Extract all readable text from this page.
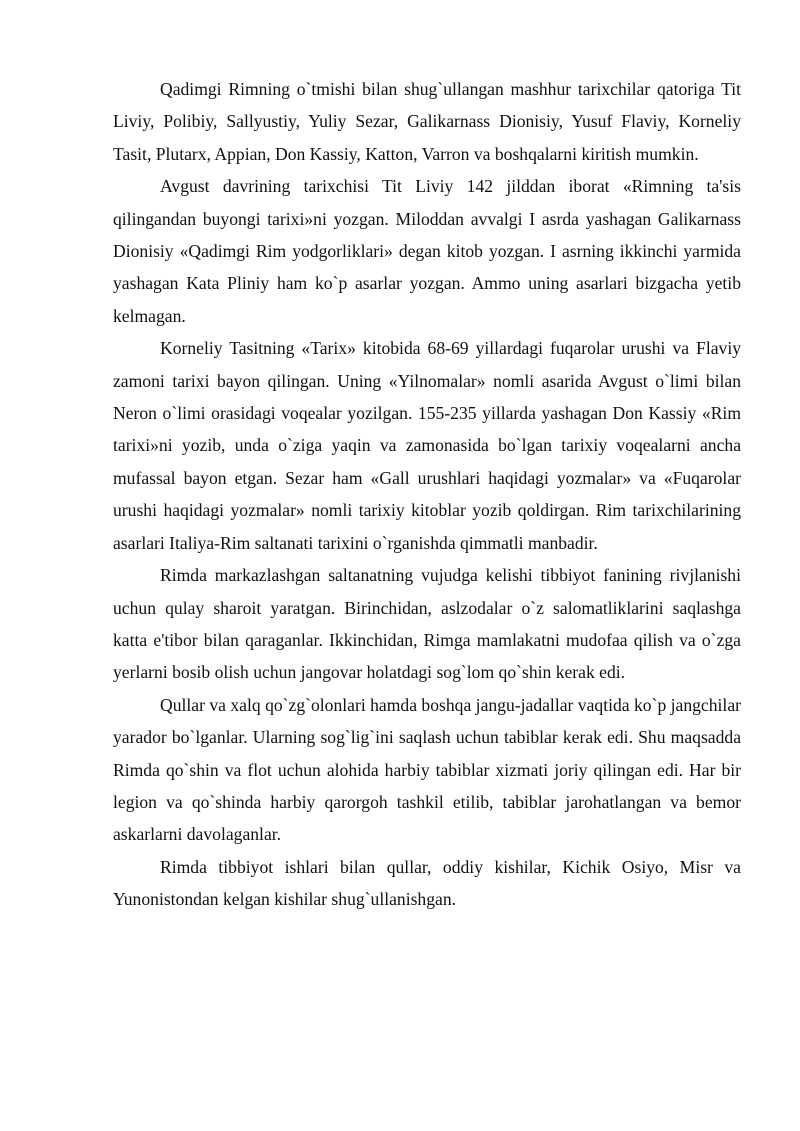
Qadimgi Rimning o`tmishi bilan shug`ullangan mashhur tarixchilar qatoriga Tit Liviy, Polibiy, Sallyustiy, Yuliy Sezar, Galikarnass Dionisiy, Yusuf Flaviy, Korneliy Tasit, Plutarx, Appian, Don Kassiy, Katton, Varron va boshqalarni kiritish mumkin.

Avgust davrining tarixchisi Tit Liviy 142 jilddan iborat «Rimning ta'sis qilingandan buyongi tarixi»ni yozgan. Miloddan avvalgi I asrda yashagan Galikarnass Dionisiy «Qadimgi Rim yodgorliklari» degan kitob yozgan. I asrning ikkinchi yarmida yashagan Kata Pliniy ham ko`p asarlar yozgan. Ammo uning asarlari bizgacha yetib kelmagan.

Korneliy Tasitning «Tarix» kitobida 68-69 yillardagi fuqarolar urushi va Flaviy zamoni tarixi bayon qilingan. Uning «Yilnomalar» nomli asarida Avgust o`limi bilan Neron o`limi orasidagi voqealar yozilgan. 155-235 yillarda yashagan Don Kassiy «Rim tarixi»ni yozib, unda o`ziga yaqin va zamonasida bo`lgan tarixiy voqealarni ancha mufassal bayon etgan. Sezar ham «Gall urushlari haqidagi yozmalar» va «Fuqarolar urushi haqidagi yozmalar» nomli tarixiy kitoblar yozib qoldirgan. Rim tarixchilarining asarlari Italiya-Rim saltanati tarixini o`rganishda qimmatli manbadir.

Rimda markazlashgan saltanatning vujudga kelishi tibbiyot fanining rivjlanishi uchun qulay sharoit yaratgan. Birinchidan, aslzodalar o`z salomatliklarini saqlashga katta e'tibor bilan qaraganlar. Ikkinchidan, Rimga mamlakatni mudofaa qilish va o`zga yerlarni bosib olish uchun jangovar holatdagi sog`lom qo`shin kerak edi.

Qullar va xalq qo`zg`olonlari hamda boshqa jangu-jadallar vaqtida ko`p jangchilar yarador bo`lganlar. Ularning sog`lig`ini saqlash uchun tabiblar kerak edi. Shu maqsadda Rimda qo`shin va flot uchun alohida harbiy tabiblar xizmati joriy qilingan edi. Har bir legion va qo`shinda harbiy qarorgoh tashkil etilib, tabiblar jarohatlangan va bemor askarlarni davolaganlar.

Rimda tibbiyot ishlari bilan qullar, oddiy kishilar, Kichik Osiyo, Misr va Yunonistondan kelgan kishilar shug`ullanishgan.
